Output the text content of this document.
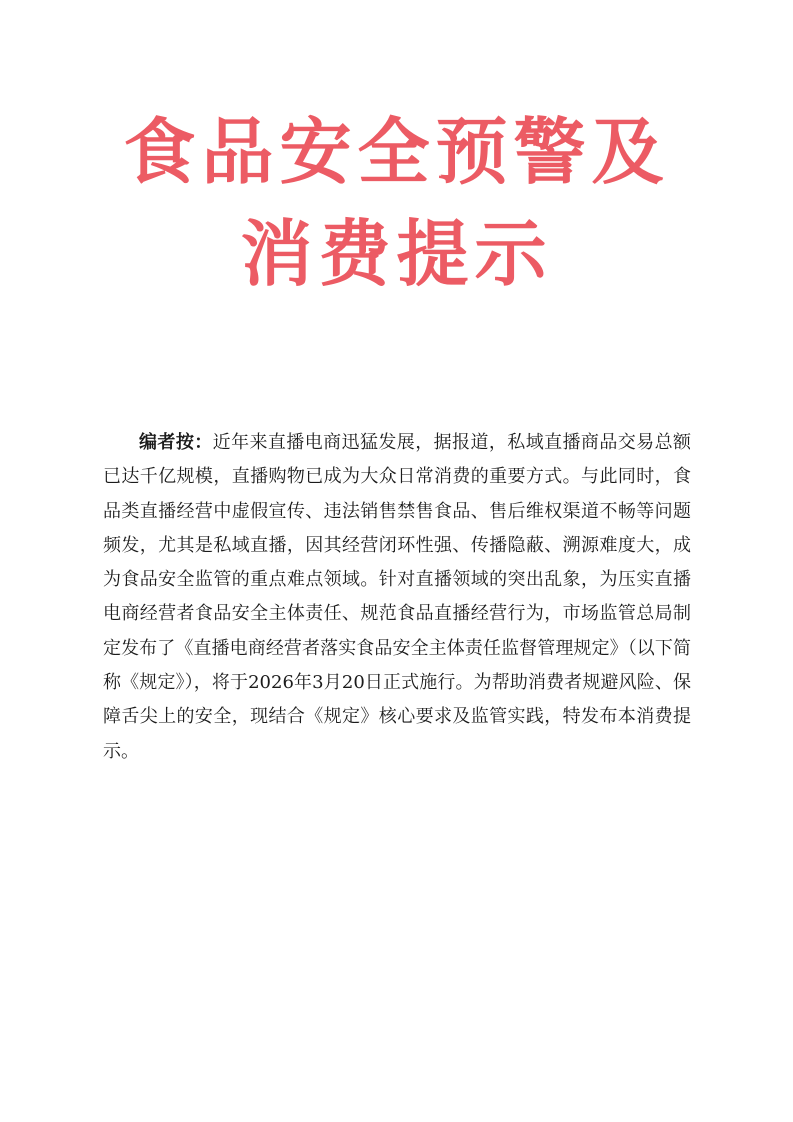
食品安全预警及
消费提示

编者按：近年来直播电商迅猛发展，据报道，私域直播商品交易总额已达千亿规模，直播购物已成为大众日常消费的重要方式。与此同时，食品类直播经营中虚假宣传、违法销售禁售食品、售后维权渠道不畅等问题频发，尤其是私域直播，因其经营闭环性强、传播隐蔽、溯源难度大，成为食品安全监管的重点难点领域。针对直播领域的突出乱象，为压实直播电商经营者食品安全主体责任、规范食品直播经营行为，市场监管总局制定发布了《直播电商经营者落实食品安全主体责任监督管理规定》（以下简称《规定》），将于2026年3月20日正式施行。为帮助消费者规避风险、保障舌尖上的安全，现结合《规定》核心要求及监管实践，特发布本消费提示。
